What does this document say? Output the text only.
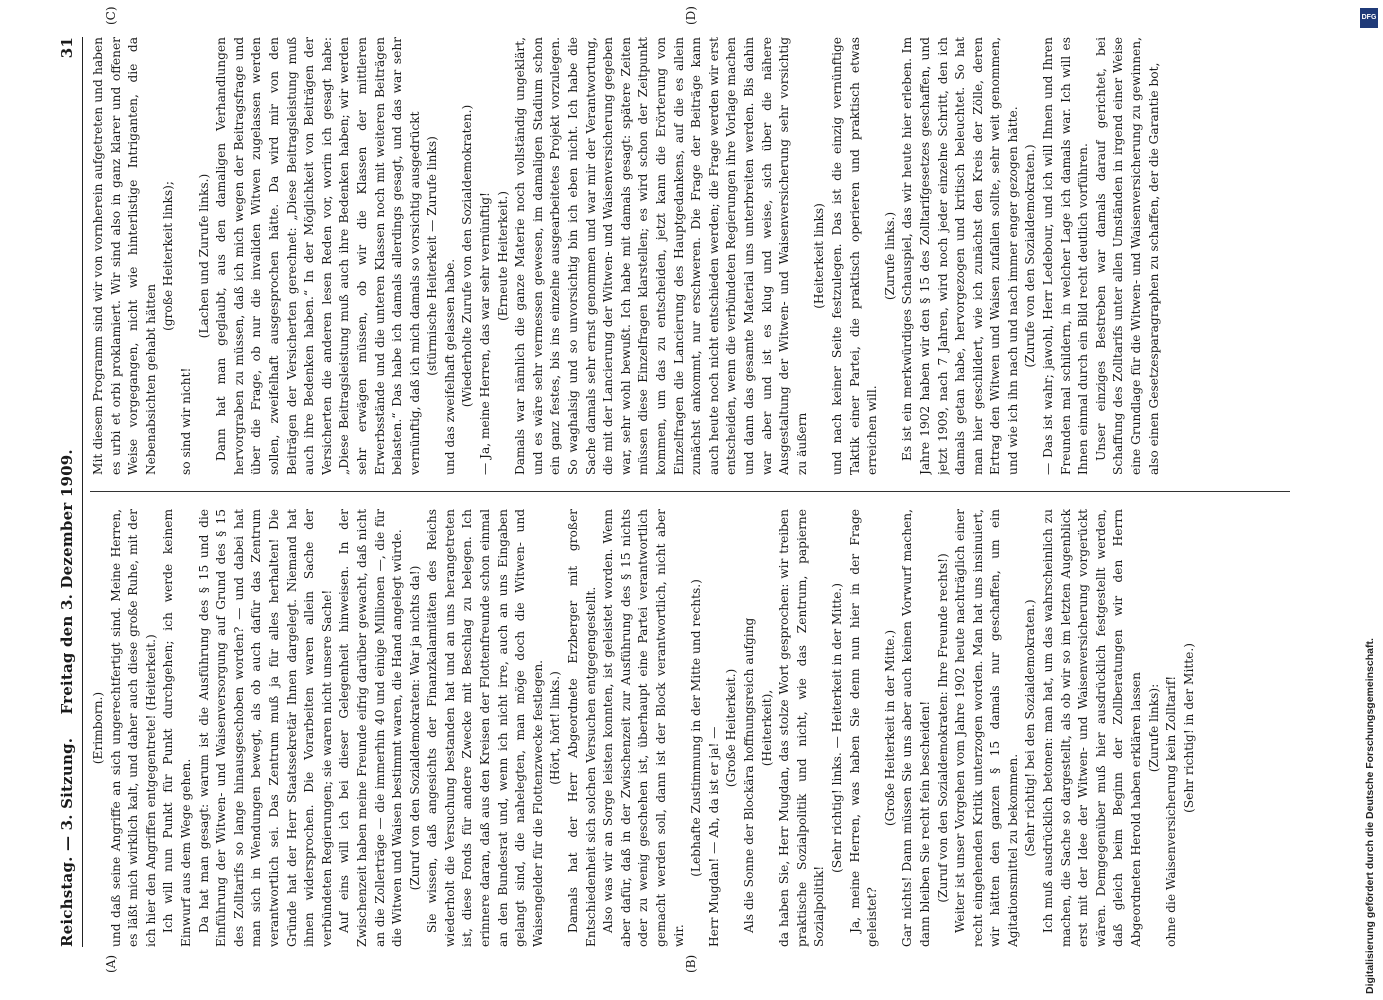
Reichstag. — 3. Sitzung.
Freitag den 3. Dezember 1909.  31
(A)	(B)
(C)	(D)

(Erimborn.) und daß seine Angriffe an sich ungerechtfertigt sind. Meine Herren, es läßt mich wirklich kalt, und daher auch diese große Ruhe, mit der ich hier den Angriffen entgegentrete! (Heiterkeit.) Ich will nun Punkt für Punkt durchgehen; ich werde keinem Einwurf aus dem Wege gehen. Da hat man gesagt: warum ist die Ausführung des § 15 und die Einführung der Witwen- und Waisenversorgung auf Grund des § 15 des Zolltarifs so lange hinausgeschoben worden? — und dabei hat man sich in Wendungen bewegt, als ob auch dafür das Zentrum verantwortlich sei. Das Zentrum muß ja für alles herhalten! Die Gründe hat der Herr Staatssekretär Ihnen dargelegt. Niemand hat ihnen widersprochen. Die Vorarbeiten waren allein Sache der verbündeten Regierungen; sie waren nicht unsere Sache! Auf eins will ich bei dieser Gelegenheit hinweisen. In der Zwischenzeit haben meine Freunde eifrig darüber gewacht, daß nicht an die Zollerträge — die immerhin 40 und einige Millionen —, die für die Witwen und Waisen bestimmt waren, die Hand angelegt würde. (Zuruf von den Sozialdemokraten: War ja nichts da!) Sie wissen, daß angesichts der Finanzkalamitäten des Reichs wiederholt die Versuchung bestanden hat und an uns herangetreten ist, diese Fonds für andere Zwecke mit Beschlag zu belegen. Ich erinnere daran, daß aus den Kreisen der Flottenfreunde schon einmal an den Bundesrat und, wenn ich nicht irre, auch an uns Eingaben gelangt sind, die nahelegten, man möge doch die Witwen- und Waisengelder für die Flottenzwecke festlegen. (Hört, hört! links.) Damals hat der Herr Abgeordnete Erzberger mit großer Entschiedenheit sich solchen Versuchen entgegengestellt. Also was wir an Sorge leisten konnten, ist geleistet worden. Wenn aber dafür, daß in der Zwischenzeit zur Ausführung des § 15 nichts oder zu wenig geschehen ist, überhaupt eine Partei verantwortlich gemacht werden soll, dann ist der Block verantwortlich, nicht aber wir.

(Lebhafte Zustimmung in der Mitte und rechts.) Herr Mugdan! — Ah, da ist er ja! — (Große Heiterkeit.) Als die Sonne der Blockära hoffnungsreich aufging (Heiterkeit), da haben Sie, Herr Mugdan, das stolze Wort gesprochen: wir treiben praktische Sozialpolitik und nicht, wie das Zentrum, papierne Sozialpolitik!

(Sehr richtig! links. — Heiterkeit in der Mitte.) Ja, meine Herren, was haben Sie denn nun hier in der Frage geleistet?

(Große Heiterkeit in der Mitte.) Gar nichts! Dann müssen Sie uns aber auch keinen Vorwurf machen, dann bleiben Sie recht fein bescheiden! (Zuruf von den Sozialdemokraten: Ihre Freunde rechts!) Weiter ist unser Vorgehen vom Jahre 1902 heute nachträglich einer recht eingehenden Kritik unterzogen worden. Man hat uns insinuiert, wir hätten den ganzen § 15 damals nur geschaffen, um ein Agitationsmittel zu bekommen. (Sehr richtig! bei den Sozialdemokraten.) Ich muß ausdrücklich betonen: man hat, um das wahrscheinlich zu machen, die Sache so dargestellt, als ob wir so im letzten Augenblick erst mit der Idee der Witwen- und Waisenversicherung vorgerückt wären. Demgegenüber muß hier ausdrücklich festgestellt werden, daß gleich beim Beginn der Zollberatungen wir den Herrn Abgeordneten Herold haben erklären lassen (Zurufe links): ohne die Waisenversicherung kein Zolltarif! (Sehr richtig! in der Mitte.)

Mit diesem Programm sind wir von vornherein aufgetreten und haben es urbi et orbi proklamiert. Wir sind also in ganz klarer und offener Weise vorgegangen, nicht wie hinterlistige Intriganten, die da Nebenabsichten gehabt hätten

(große Heiterkeit links);

so sind wir nicht!

(Lachen und Zurufe links.) Dann hat man geglaubt, aus den damaligen Verhandlungen hervorgraben zu müssen, daß ich mich wegen der Beitragsfrage und über die Frage, ob nur die invaliden Witwen zugelassen werden sollen, zweifelhaft ausgesprochen hätte. Da wird mir von den Beiträgen der Versicherten gerechnet: „Diese Beitragsleistung muß auch ihre Bedenken haben.“ In der Möglichkeit von Beiträgen der Versicherten die anderen lesen Reden vor, worin ich gesagt habe: „Diese Beitragsleistung muß auch ihre Bedenken haben; wir werden sehr erwägen müssen, ob wir die Klassen der mittleren Erwerbsstände und die unteren Klassen noch mit weiteren Beiträgen belasten.“ Das habe ich damals allerdings gesagt, und das war sehr vernünftig, daß ich mich damals so vorsichtig ausgedrückt (stürmische Heiterkeit — Zurufe links) und das zweifelhaft gelassen habe. (Wiederholte Zurufe von den Sozialdemokraten.) — Ja, meine Herren, das war sehr vernünftig! (Erneute Heiterkeit.) Damals war nämlich die ganze Materie noch vollständig ungeklärt, und es wäre sehr vermessen gewesen, im damaligen Stadium schon ein ganz festes, bis ins einzelne ausgearbeitetes Projekt vorzulegen. So waghalsig und so unvorsichtig bin ich eben nicht. Ich habe die Sache damals sehr ernst genommen und war mir der Verantwortung, die mit der Lancierung der Witwen- und Waisenversicherung gegeben war, sehr wohl bewußt. Ich habe mit damals gesagt: spätere Zeiten müssen diese Einzelfragen klarstellen; es wird schon der Zeitpunkt kommen, um das zu entscheiden, jetzt kann die Erörterung von Einzelfragen die Lancierung des Hauptgedankens, auf die es allein zunächst ankommt, nur erschweren. Die Frage der Beiträge kann auch heute noch nicht entschieden werden; die Frage werden wir erst entscheiden, wenn die verbündeten Regierungen ihre Vorlage machen und dann das gesamte Material uns unterbreiten werden. Bis dahin war aber und ist es klug und weise, sich über die nähere Ausgestaltung der Witwen- und Waisenversicherung sehr vorsichtig zu äußern

(Heiterkeit links) und nach keiner Seite festzulegen. Das ist die einzig vernünftige Taktik einer Partei, die praktisch operieren und praktisch etwas erreichen will.

(Zurufe links.) Es ist ein merkwürdiges Schauspiel, das wir heute hier erleben. Im Jahre 1902 haben wir den § 15 des Zolltarifgesetzes geschaffen, und jetzt 1909, nach 7 Jahren, wird noch jeder einzelne Schritt, den ich damals getan habe, hervorgezogen und kritisch beleuchtet. So hat man hier geschildert, wie ich zunächst den Kreis der Zölle, deren Ertrag den Witwen und Waisen zufallen sollte, sehr weit genommen, und wie ich ihn nach und nach immer enger gezogen hätte. (Zurufe von den Sozialdemokraten.) — Das ist wahr; jawohl, Herr Ledebour, und ich will Ihnen und Ihren Freunden mal schildern, in welcher Lage ich damals war. Ich will es Ihnen einmal durch ein Bild recht deutlich vorführen. Unser einziges Bestreben war damals darauf gerichtet, bei Schaffung des Zolltarifs unter allen Umständen in irgend einer Weise eine Grundlage für die Witwen- und Waisenversicherung zu gewinnen, also einen Gesetzesparagraphen zu schaffen, der die Garantie bot,

DFG
Digitalisierung gefördert durch die Deutsche Forschungsgemeinschaft.
